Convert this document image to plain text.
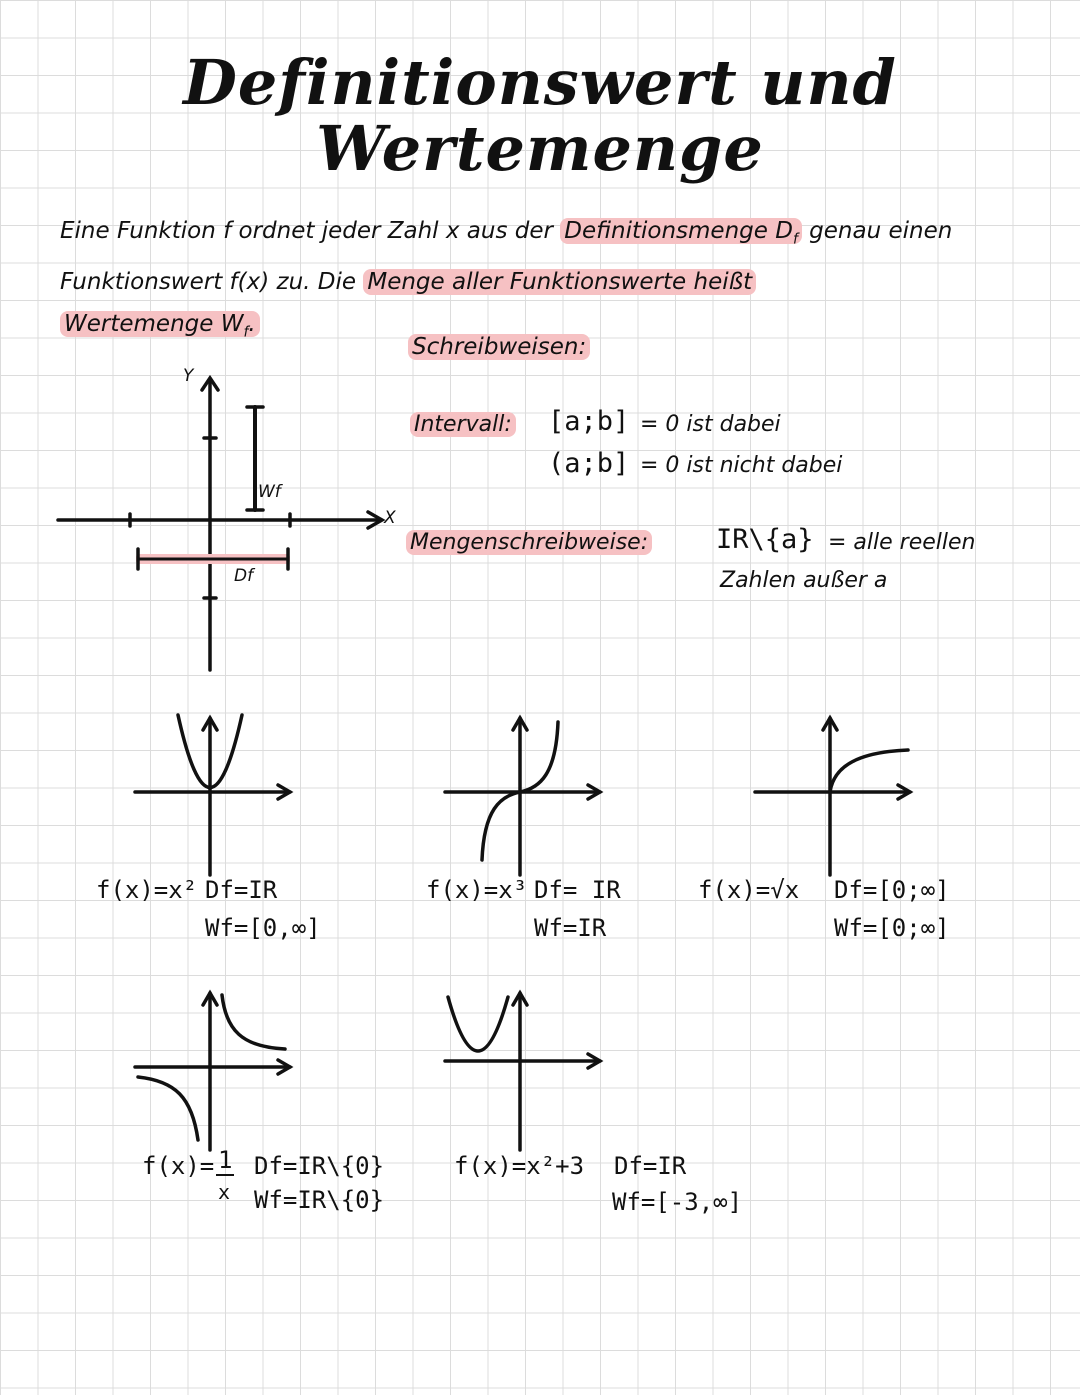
Definitionswert und
Wertemenge
Eine Funktion f ordnet jeder Zahl x aus der Definitionsmenge $D_f$ genau einen Funktionswert f(x) zu. Die Menge aller Funktionswerte heißt
Wertemenge $W_f$.
Y
X
Wf
Df
Schreibweisen:
Intervall: [a;b] = 0 ist dabei
(a;b] = 0 ist nicht dabei
Mengenschreibweise:	IR\{a} = alle reellen
Zahlen außer a
f(x)=x² Df=IR
Wf=[0,∞]
f(x)=x³ Df= IR
Wf=IR
f(x)=√x Df=[0;∞]
Wf=[0;∞]
f(x)= 1
x
Df=IR\{0}
Wf=IR\{0}
f(x)=x²+3 Df=IR
Wf=[-3,∞]
